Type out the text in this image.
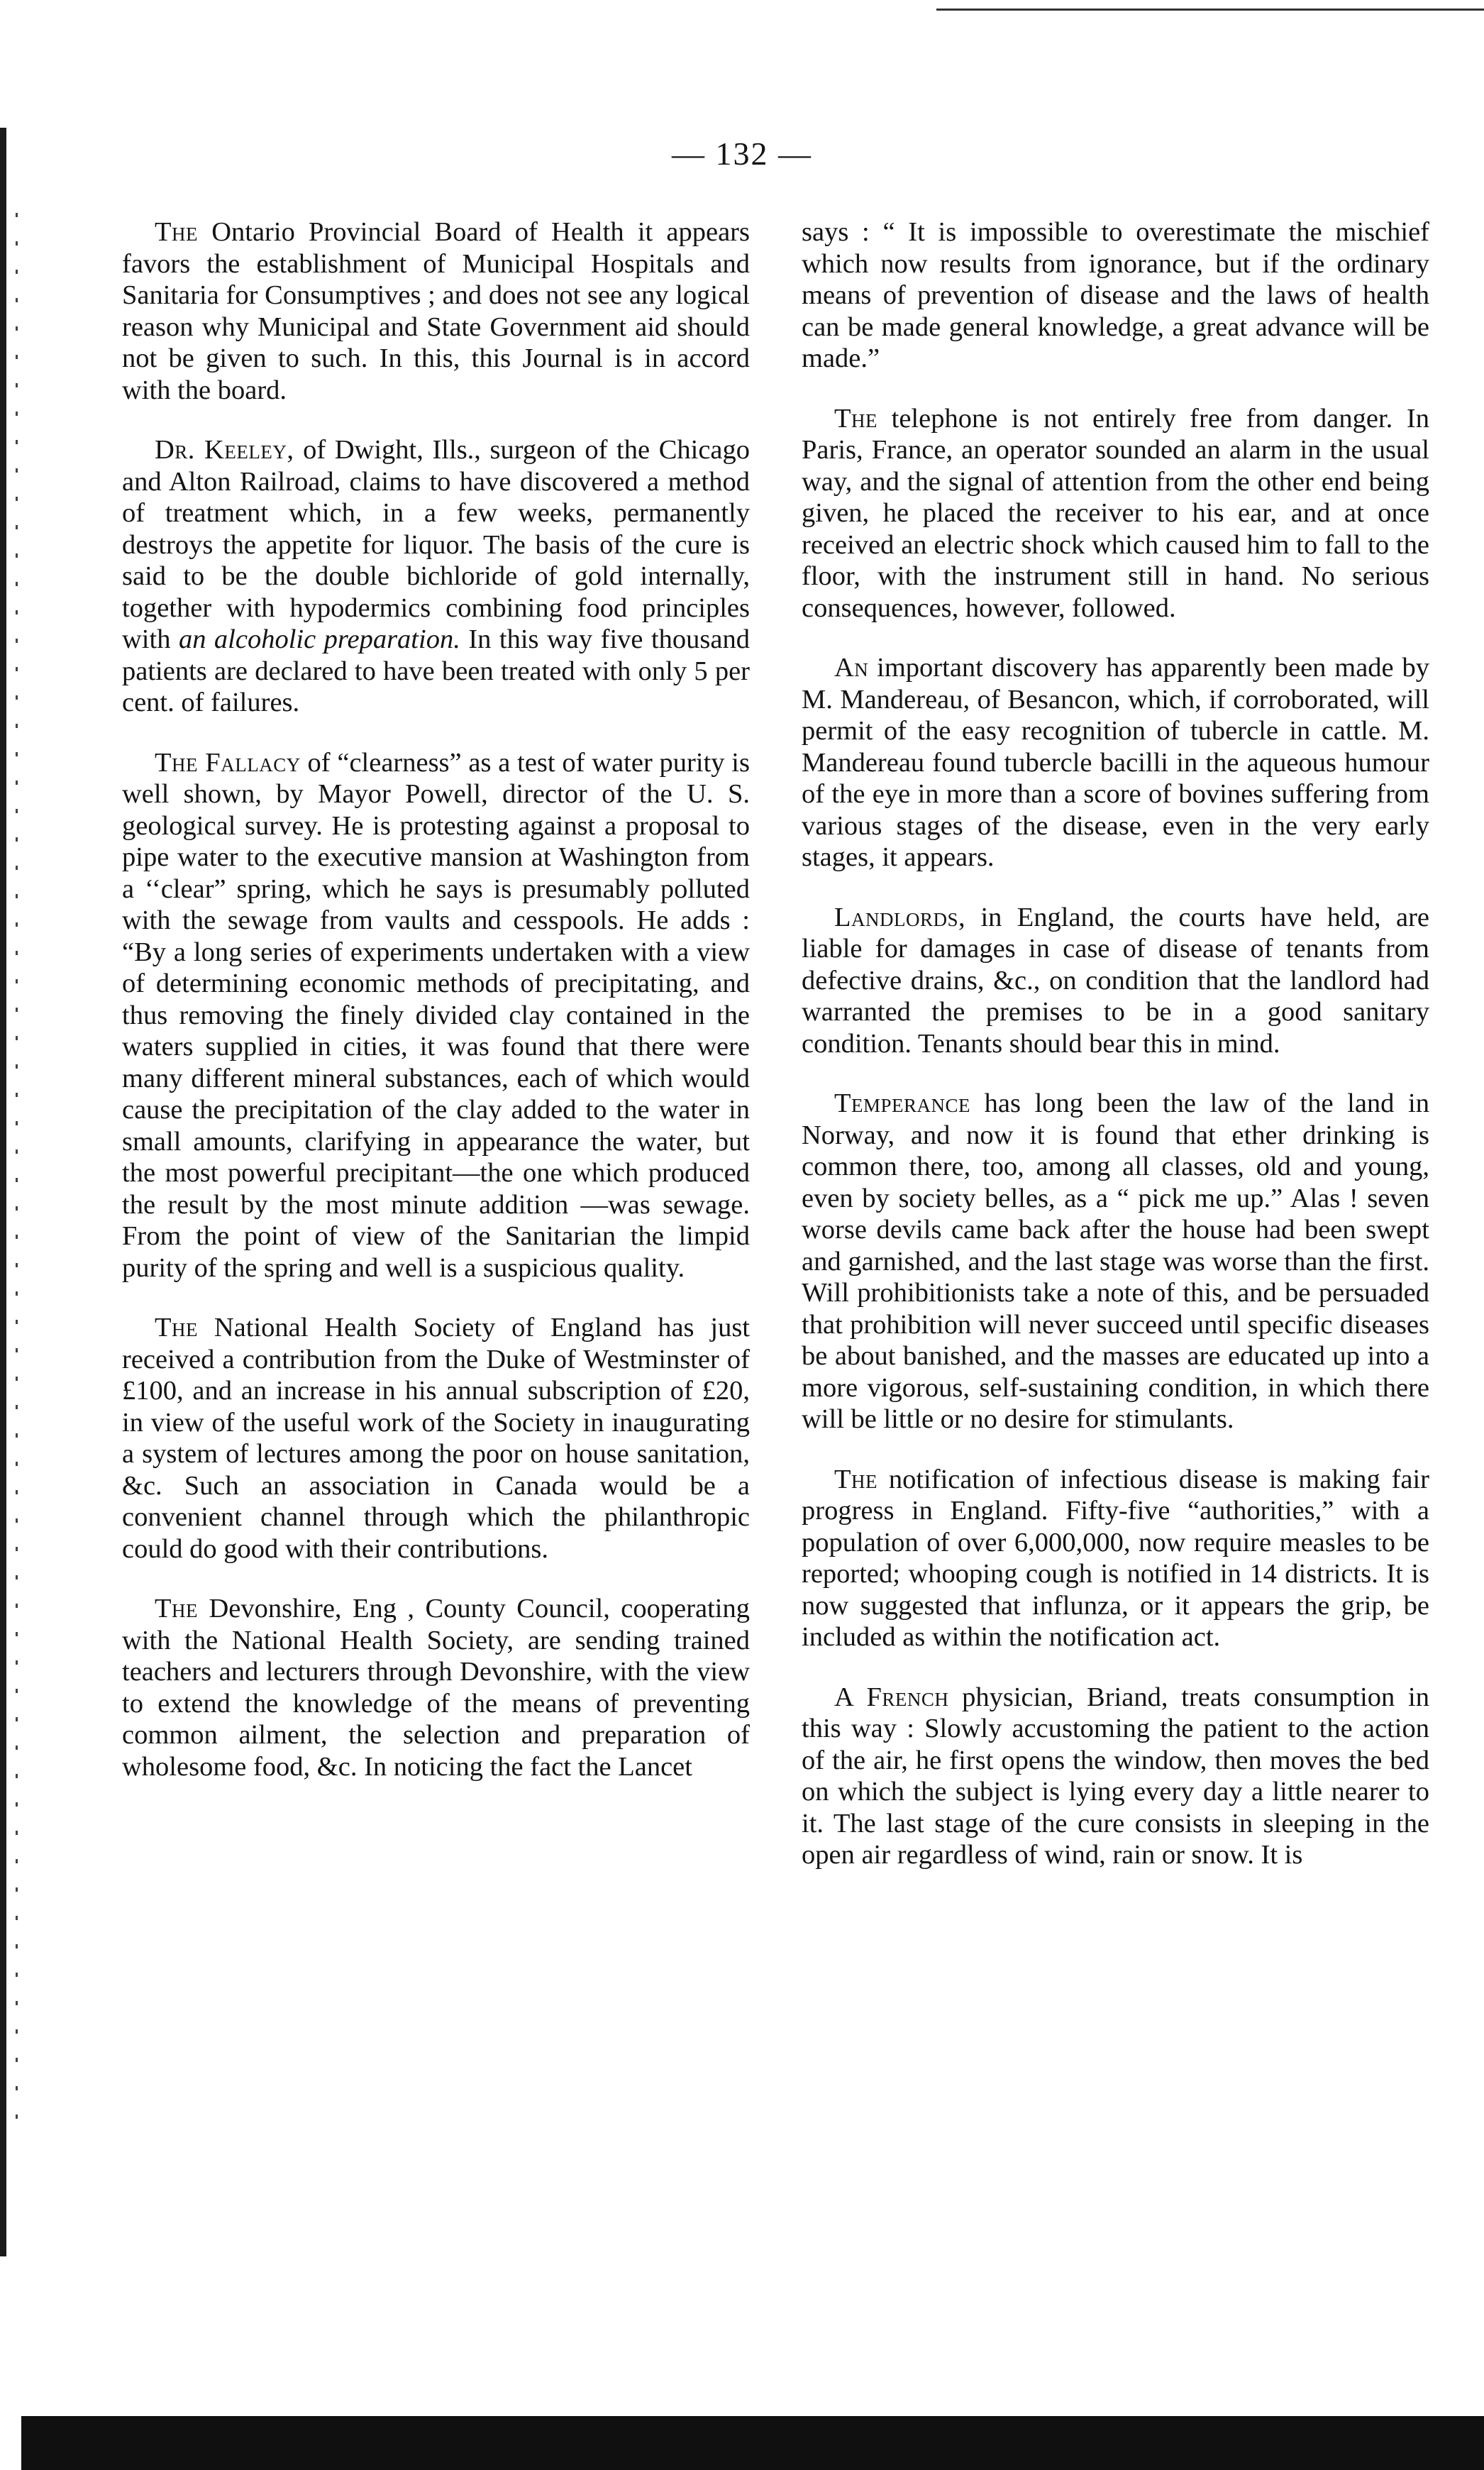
— 132 —

The Ontario Provincial Board of Health it appears favors the establishment of Municipal Hospitals and Sanitaria for Consumptives ; and does not see any logical reason why Municipal and State Government aid should not be given to such. In this, this Journal is in accord with the board.

Dr. Keeley, of Dwight, Ills., surgeon of the Chicago and Alton Railroad, claims to have discovered a method of treatment which, in a few weeks, permanently destroys the appetite for liquor. The basis of the cure is said to be the double bichloride of gold internally, together with hypodermics combining food principles with an alcoholic preparation. In this way five thousand patients are declared to have been treated with only 5 per cent. of failures.

The Fallacy of “clearness” as a test of water purity is well shown, by Mayor Powell, director of the U. S. geological survey. He is protesting against a proposal to pipe water to the executive mansion at Washington from a ‘‘clear” spring, which he says is presumably polluted with the sewage from vaults and cesspools. He adds : “By a long series of experiments undertaken with a view of determining economic methods of precipitating, and thus removing the finely divided clay contained in the waters supplied in cities, it was found that there were many different mineral substances, each of which would cause the precipitation of the clay added to the water in small amounts, clarifying in appearance the water, but the most powerful precipitant—the one which produced the result by the most minute addition —was sewage. From the point of view of the Sanitarian the limpid purity of the spring and well is a suspicious quality.

The National Health Society of England has just received a contribution from the Duke of Westminster of £100, and an increase in his annual subscription of £20, in view of the useful work of the Society in inaugurating a system of lectures among the poor on house sanitation, &c. Such an association in Canada would be a convenient channel through which the philanthropic could do good with their contributions.

The Devonshire, Eng , County Council, cooperating with the National Health Society, are sending trained teachers and lecturers through Devonshire, with the view to extend the knowledge of the means of preventing common ailment, the selection and preparation of wholesome food, &c. In noticing the fact the Lancet

says : “ It is impossible to overestimate the mischief which now results from ignorance, but if the ordinary means of prevention of disease and the laws of health can be made general knowledge, a great advance will be made.”

The telephone is not entirely free from danger. In Paris, France, an operator sounded an alarm in the usual way, and the signal of attention from the other end being given, he placed the receiver to his ear, and at once received an electric shock which caused him to fall to the floor, with the instrument still in hand. No serious consequences, however, followed.

An important discovery has apparently been made by M. Mandereau, of Besancon, which, if corroborated, will permit of the easy recognition of tubercle in cattle. M. Mandereau found tubercle bacilli in the aqueous humour of the eye in more than a score of bovines suffering from various stages of the disease, even in the very early stages, it appears.

Landlords, in England, the courts have held, are liable for damages in case of disease of tenants from defective drains, &c., on condition that the landlord had warranted the premises to be in a good sanitary condition. Tenants should bear this in mind.

Temperance has long been the law of the land in Norway, and now it is found that ether drinking is common there, too, among all classes, old and young, even by society belles, as a “ pick me up.” Alas ! seven worse devils came back after the house had been swept and garnished, and the last stage was worse than the first. Will prohibitionists take a note of this, and be persuaded that prohibition will never succeed until specific diseases be about banished, and the masses are educated up into a more vigorous, self-sustaining condition, in which there will be little or no desire for stimulants.

The notification of infectious disease is making fair progress in England. Fifty-five “authorities,” with a population of over 6,000,000, now require measles to be reported; whooping cough is notified in 14 districts. It is now suggested that influnza, or it appears the grip, be included as within the notification act.

A French physician, Briand, treats consumption in this way : Slowly accustoming the patient to the action of the air, he first opens the window, then moves the bed on which the subject is lying every day a little nearer to it. The last stage of the cure consists in sleeping in the open air regardless of wind, rain or snow. It is
